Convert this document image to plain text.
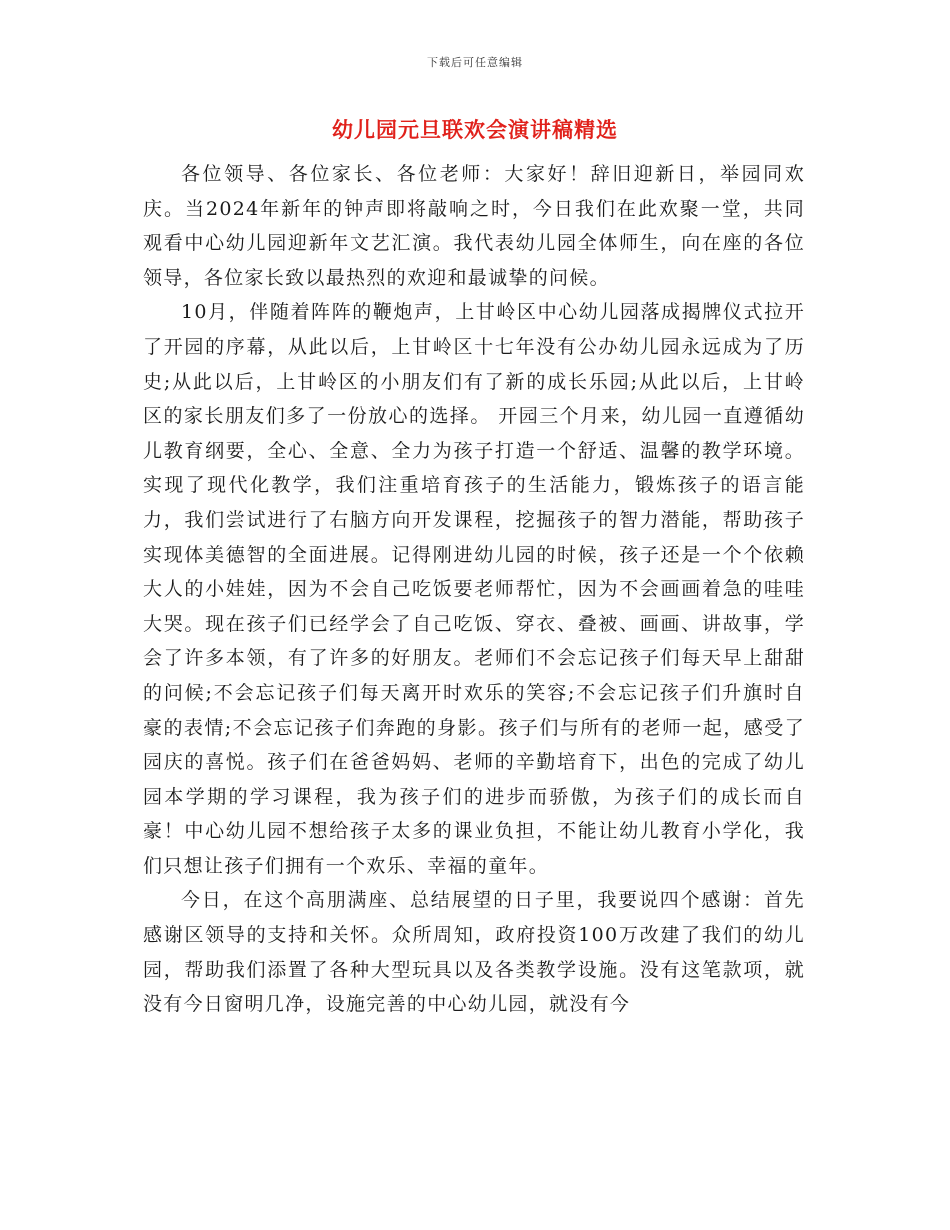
下载后可任意编辑
幼儿园元旦联欢会演讲稿精选

各位领导、各位家长、各位老师：大家好！辞旧迎新日，举园同欢庆。当2024年新年的钟声即将敲响之时，今日我们在此欢聚一堂，共同观看中心幼儿园迎新年文艺汇演。我代表幼儿园全体师生，向在座的各位领导，各位家长致以最热烈的欢迎和最诚挚的问候。

10月，伴随着阵阵的鞭炮声，上甘岭区中心幼儿园落成揭牌仪式拉开了开园的序幕，从此以后，上甘岭区十七年没有公办幼儿园永远成为了历史;从此以后，上甘岭区的小朋友们有了新的成长乐园;从此以后，上甘岭区的家长朋友们多了一份放心的选择。 开园三个月来，幼儿园一直遵循幼儿教育纲要，全心、全意、全力为孩子打造一个舒适、温馨的教学环境。实现了现代化教学，我们注重培育孩子的生活能力，锻炼孩子的语言能力，我们尝试进行了右脑方向开发课程，挖掘孩子的智力潜能，帮助孩子实现体美德智的全面进展。记得刚进幼儿园的时候，孩子还是一个个依赖大人的小娃娃，因为不会自己吃饭要老师帮忙，因为不会画画着急的哇哇大哭。现在孩子们已经学会了自己吃饭、穿衣、叠被、画画、讲故事，学会了许多本领，有了许多的好朋友。老师们不会忘记孩子们每天早上甜甜的问候;不会忘记孩子们每天离开时欢乐的笑容;不会忘记孩子们升旗时自豪的表情;不会忘记孩子们奔跑的身影。孩子们与所有的老师一起，感受了园庆的喜悦。孩子们在爸爸妈妈、老师的辛勤培育下，出色的完成了幼儿园本学期的学习课程，我为孩子们的进步而骄傲，为孩子们的成长而自豪！中心幼儿园不想给孩子太多的课业负担，不能让幼儿教育小学化，我们只想让孩子们拥有一个欢乐、幸福的童年。

今日，在这个高朋满座、总结展望的日子里，我要说四个感谢：首先感谢区领导的支持和关怀。众所周知，政府投资100万改建了我们的幼儿园，帮助我们添置了各种大型玩具以及各类教学设施。没有这笔款项，就没有今日窗明几净，设施完善的中心幼儿园，就没有今
